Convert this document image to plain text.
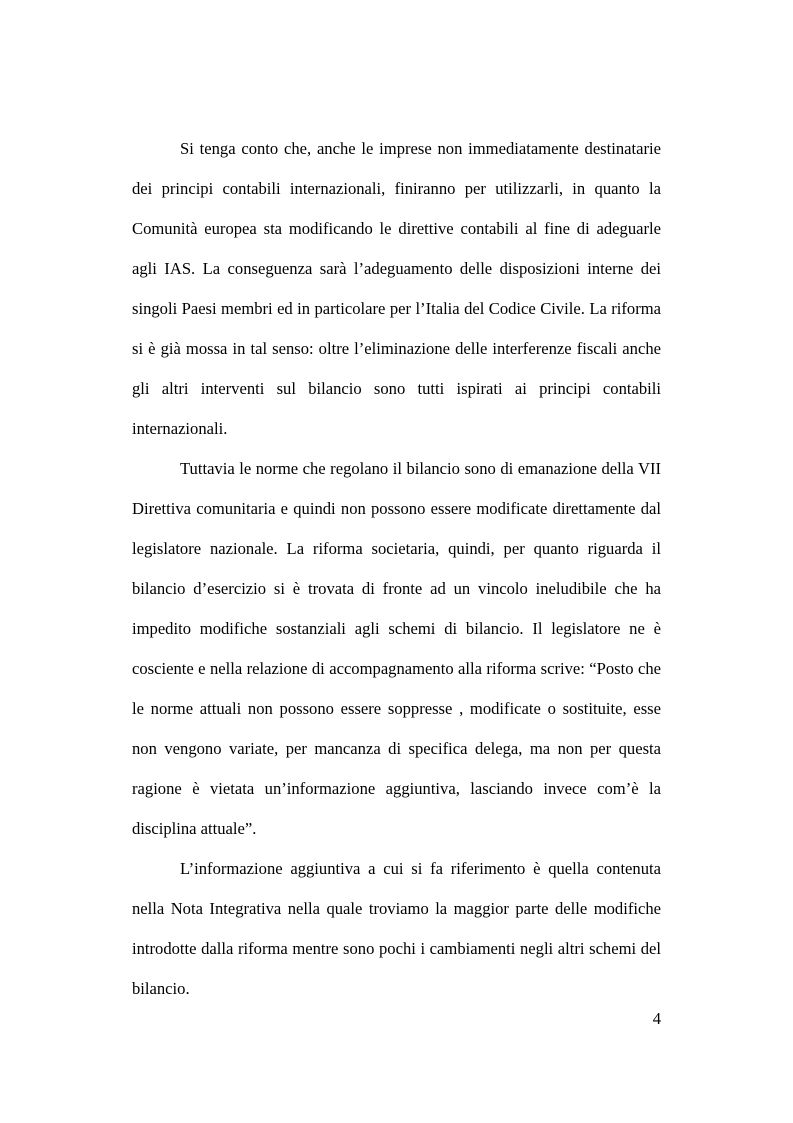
Si tenga conto che, anche le imprese non immediatamente destinatarie dei principi contabili internazionali, finiranno per utilizzarli, in quanto la Comunità europea sta modificando le direttive contabili al fine di adeguarle agli IAS. La conseguenza sarà l’adeguamento delle disposizioni interne dei singoli Paesi membri ed in particolare per l’Italia del Codice Civile. La riforma si è già mossa in tal senso: oltre l’eliminazione delle interferenze fiscali anche gli altri interventi sul bilancio sono tutti ispirati ai principi contabili internazionali.

Tuttavia le norme che regolano il bilancio sono di emanazione della VII Direttiva comunitaria e quindi non possono essere modificate direttamente dal legislatore nazionale. La riforma societaria, quindi, per quanto riguarda il bilancio d’esercizio si è trovata di fronte ad un vincolo ineludibile che ha impedito modifiche sostanziali agli schemi di bilancio. Il legislatore ne è cosciente e nella relazione di accompagnamento alla riforma scrive: “Posto che le norme attuali non possono essere soppresse , modificate o sostituite, esse non vengono variate, per mancanza di specifica delega, ma non per questa ragione è vietata un’informazione aggiuntiva, lasciando invece com’è la disciplina attuale”.

L’informazione aggiuntiva a cui si fa riferimento è quella contenuta nella Nota Integrativa nella quale troviamo la maggior parte delle modifiche introdotte dalla riforma mentre sono pochi i cambiamenti negli altri schemi del bilancio.

4
